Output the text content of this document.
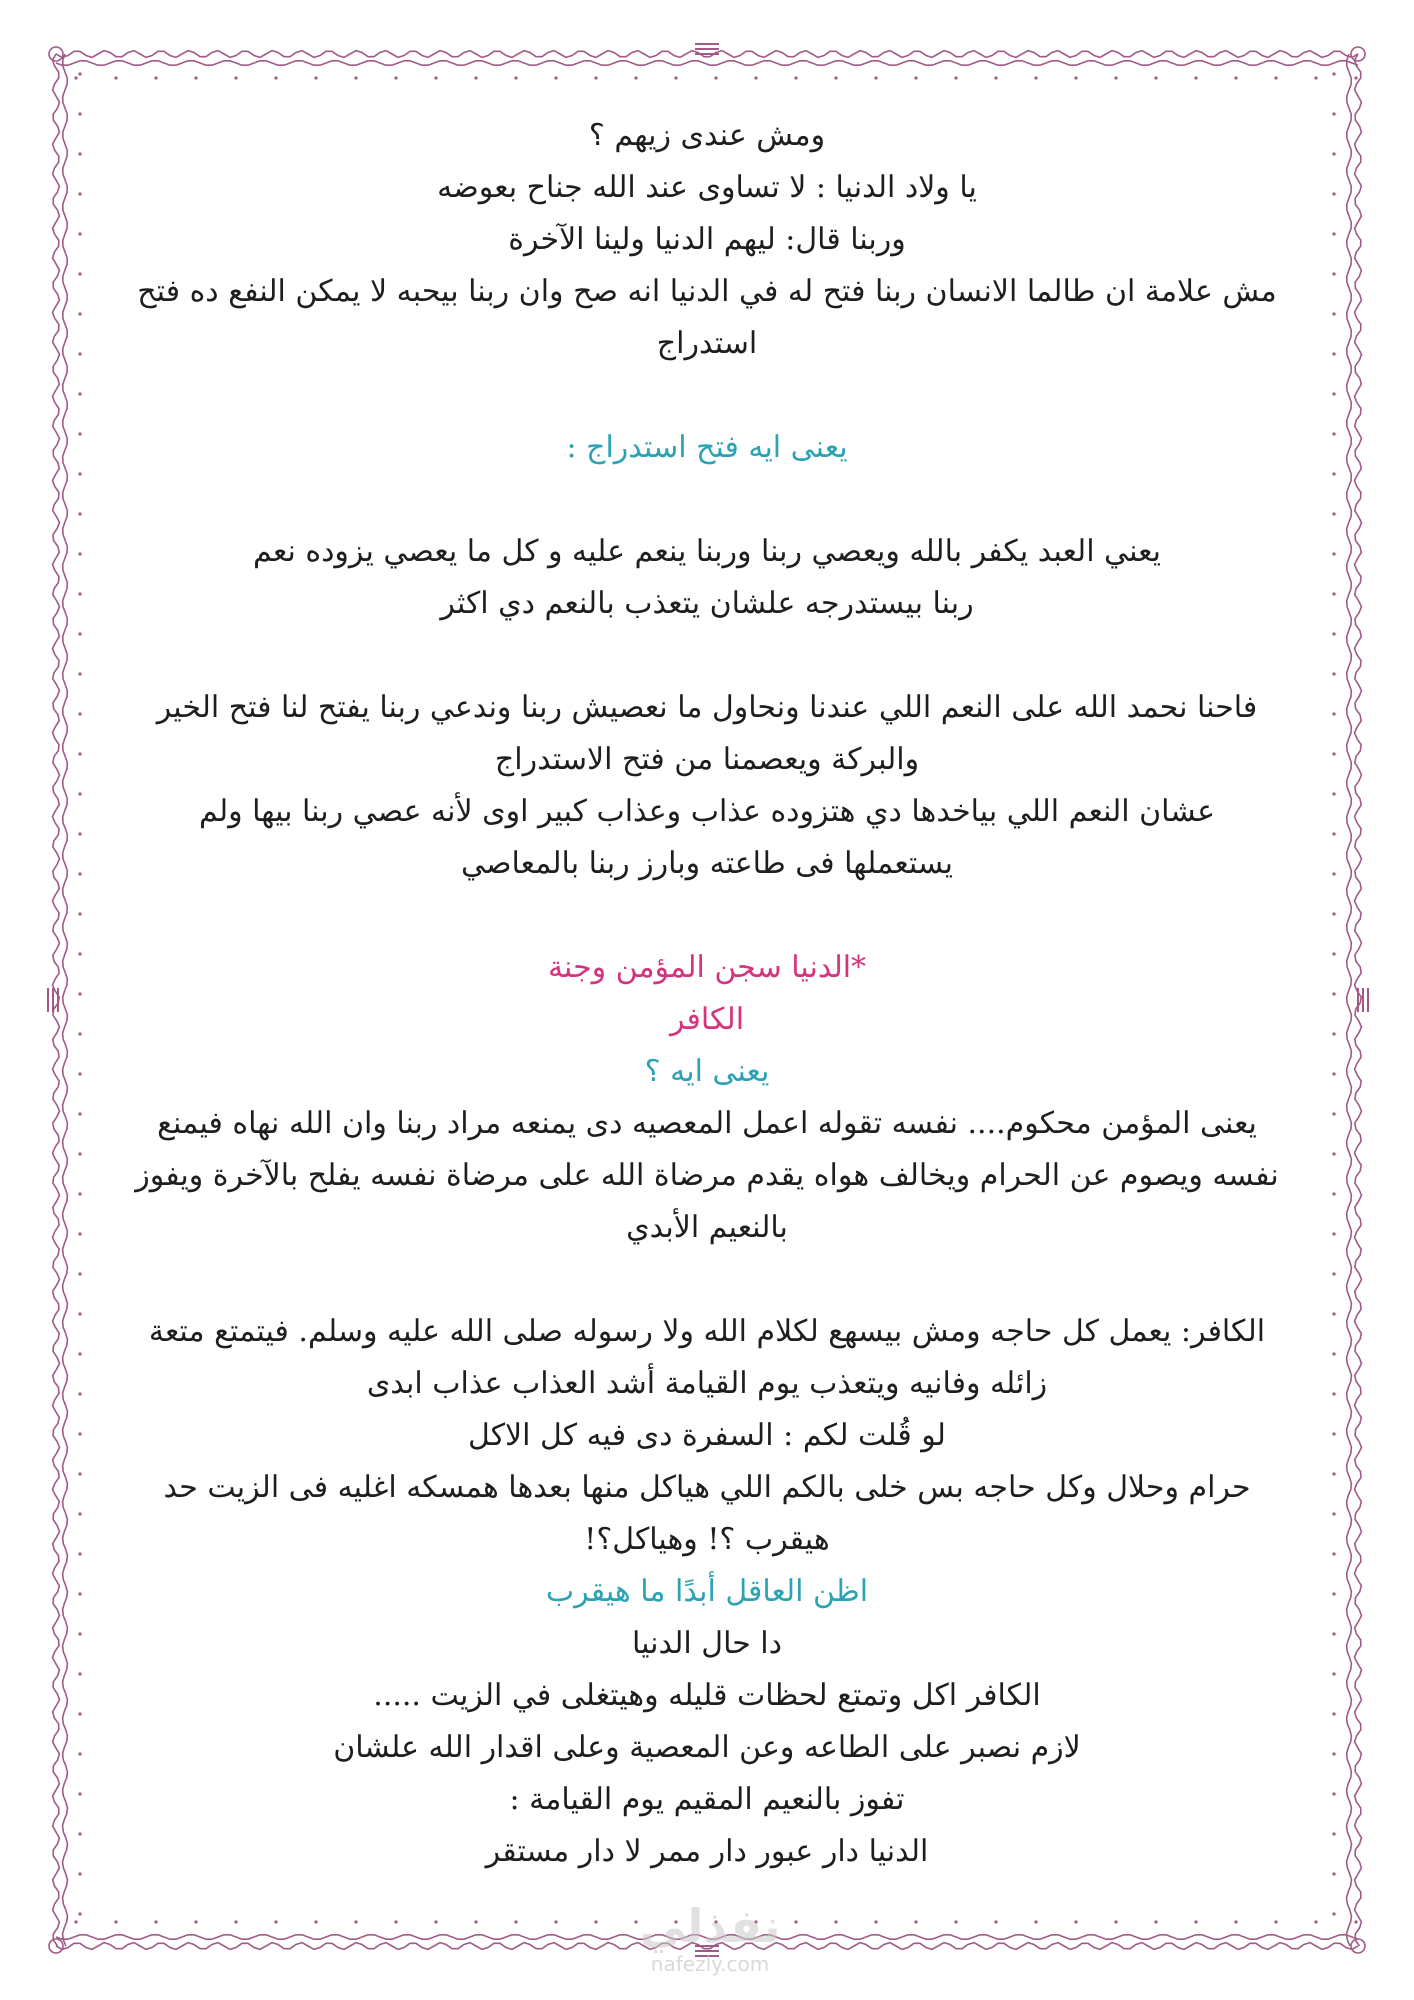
ومش عندى زيهم ؟

يا ولاد الدنيا : لا تساوى عند الله جناح بعوضه

وربنا قال: ليهم الدنيا ولينا الآخرة

مش علامة ان طالما الانسان ربنا فتح له في الدنيا انه صح وان ربنا بيحبه لا يمكن النفع ده فتح

استدراج

يعنى ايه فتح استدراج :

يعني العبد يكفر بالله ويعصي ربنا وربنا ينعم عليه و كل ما يعصي يزوده نعم

ربنا بيستدرجه علشان يتعذب بالنعم دي اكثر

فاحنا نحمد الله على النعم اللي عندنا ونحاول ما نعصيش ربنا وندعي ربنا يفتح لنا فتح الخير

والبركة ويعصمنا من فتح الاستدراج

عشان النعم اللي بياخدها دي هتزوده عذاب وعذاب كبير اوى لأنه عصي ربنا بيها ولم

يستعملها فى طاعته وبارز ربنا بالمعاصي

*الدنيا سجن المؤمن وجنة

الكافر

يعنى ايه ؟

يعنى المؤمن محكوم.... نفسه تقوله اعمل المعصيه دى يمنعه مراد ربنا وان الله نهاه فيمنع

نفسه ويصوم عن الحرام ويخالف هواه يقدم مرضاة الله على مرضاة نفسه يفلح بالآخرة ويفوز

بالنعيم الأبدي

الكافر: يعمل كل حاجه ومش بيسهع لكلام الله ولا رسوله صلى الله عليه وسلم. فيتمتع متعة

زائله وفانيه ويتعذب يوم القيامة أشد العذاب عذاب ابدى

لو قُلت لكم : السفرة دى فيه كل الاكل

حرام وحلال وكل حاجه بس خلى بالكم اللي هياكل منها بعدها همسكه اغليه فى الزيت حد

هيقرب ؟! وهياكل؟!

اظن العاقل أبدًا ما هيقرب

دا حال الدنيا

الكافر اكل وتمتع لحظات قليله وهيتغلى في الزيت .....

لازم نصبر على الطاعه وعن المعصية وعلى اقدار الله علشان

تفوز بالنعيم المقيم يوم القيامة :

الدنيا دار عبور دار ممر لا دار مستقر

نفذلي
nafezly.com
